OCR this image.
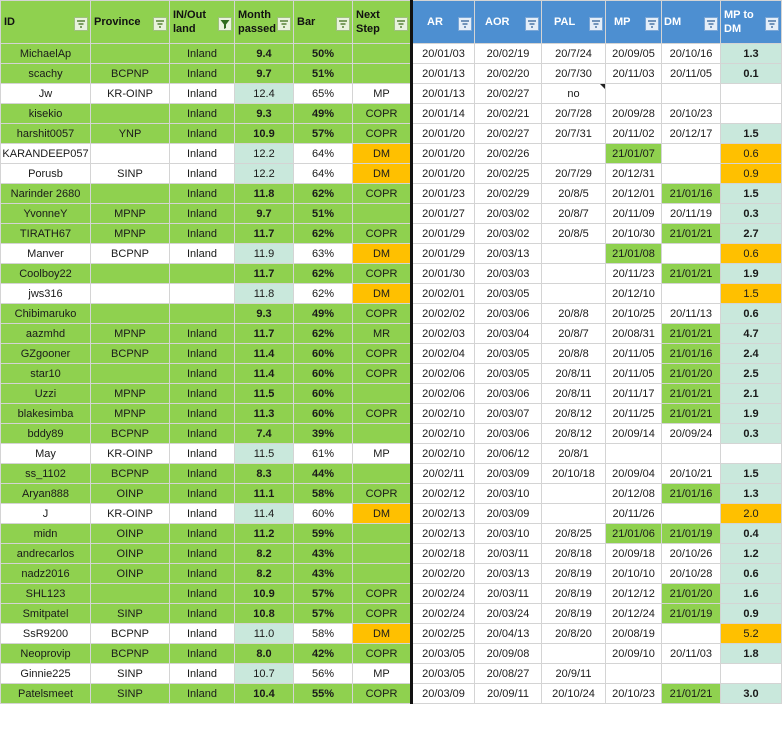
ID	Province	IN/Out land	Month passed	Bar	Next Step	AR	AOR	PAL	MP	DM	MP to DM

MichaelAp		Inland	9.4	50%		20/01/03	20/02/19	20/7/24	20/09/05	20/10/16	1.3
scachy	BCPNP	Inland	9.7	51%		20/01/13	20/02/20	20/7/30	20/11/03	20/11/05	0.1
Jw	KR-OINP	Inland	12.4	65%	MP	20/01/13	20/02/27	no			
kisekio		Inland	9.3	49%	COPR	20/01/14	20/02/21	20/7/28	20/09/28	20/10/23	
harshit0057	YNP	Inland	10.9	57%	COPR	20/01/20	20/02/27	20/7/31	20/11/02	20/12/17	1.5
KARANDEEP057		Inland	12.2	64%	DM	20/01/20	20/02/26		21/01/07		0.6
Porusb	SINP	Inland	12.2	64%	DM	20/01/20	20/02/25	20/7/29	20/12/31		0.9
Narinder 2680		Inland	11.8	62%	COPR	20/01/23	20/02/29	20/8/5	20/12/01	21/01/16	1.5
YvonneY	MPNP	Inland	9.7	51%		20/01/27	20/03/02	20/8/7	20/11/09	20/11/19	0.3
TIRATH67	MPNP	Inland	11.7	62%	COPR	20/01/29	20/03/02	20/8/5	20/10/30	21/01/21	2.7
Manver	BCPNP	Inland	11.9	63%	DM	20/01/29	20/03/13		21/01/08		0.6
Coolboy22			11.7	62%	COPR	20/01/30	20/03/03		20/11/23	21/01/21	1.9
jws316			11.8	62%	DM	20/02/01	20/03/05		20/12/10		1.5
Chibimaruko			9.3	49%	COPR	20/02/02	20/03/06	20/8/8	20/10/25	20/11/13	0.6
aazmhd	MPNP	Inland	11.7	62%	MR	20/02/03	20/03/04	20/8/7	20/08/31	21/01/21	4.7
GZgooner	BCPNP	Inland	11.4	60%	COPR	20/02/04	20/03/05	20/8/8	20/11/05	21/01/16	2.4
star10		Inland	11.4	60%	COPR	20/02/06	20/03/05	20/8/11	20/11/05	21/01/20	2.5
Uzzi	MPNP	Inland	11.5	60%		20/02/06	20/03/06	20/8/11	20/11/17	21/01/21	2.1
blakesimba	MPNP	Inland	11.3	60%	COPR	20/02/10	20/03/07	20/8/12	20/11/25	21/01/21	1.9
bddy89	BCPNP	Inland	7.4	39%		20/02/10	20/03/06	20/8/12	20/09/14	20/09/24	0.3
May	KR-OINP	Inland	11.5	61%	MP	20/02/10	20/06/12	20/8/1			
ss_1102	BCPNP	Inland	8.3	44%		20/02/11	20/03/09	20/10/18	20/09/04	20/10/21	1.5
Aryan888	OINP	Inland	11.1	58%	COPR	20/02/12	20/03/10		20/12/08	21/01/16	1.3
J	KR-OINP	Inland	11.4	60%	DM	20/02/13	20/03/09		20/11/26		2.0
midn	OINP	Inland	11.2	59%		20/02/13	20/03/10	20/8/25	21/01/06	21/01/19	0.4
andrecarlos	OINP	Inland	8.2	43%		20/02/18	20/03/11	20/8/18	20/09/18	20/10/26	1.2
nadz2016	OINP	Inland	8.2	43%		20/02/20	20/03/13	20/8/19	20/10/10	20/10/28	0.6
SHL123		Inland	10.9	57%	COPR	20/02/24	20/03/11	20/8/19	20/12/12	21/01/20	1.6
Smitpatel	SINP	Inland	10.8	57%	COPR	20/02/24	20/03/24	20/8/19	20/12/24	21/01/19	0.9
SsR9200	BCPNP	Inland	11.0	58%	DM	20/02/25	20/04/13	20/8/20	20/08/19		5.2
Neoprovip	BCPNP	Inland	8.0	42%	COPR	20/03/05	20/09/08		20/09/10	20/11/03	1.8
Ginnie225	SINP	Inland	10.7	56%	MP	20/03/05	20/08/27	20/9/11			
Patelsmeet	SINP	Inland	10.4	55%	COPR	20/03/09	20/09/11	20/10/24	20/10/23	21/01/21	3.0
